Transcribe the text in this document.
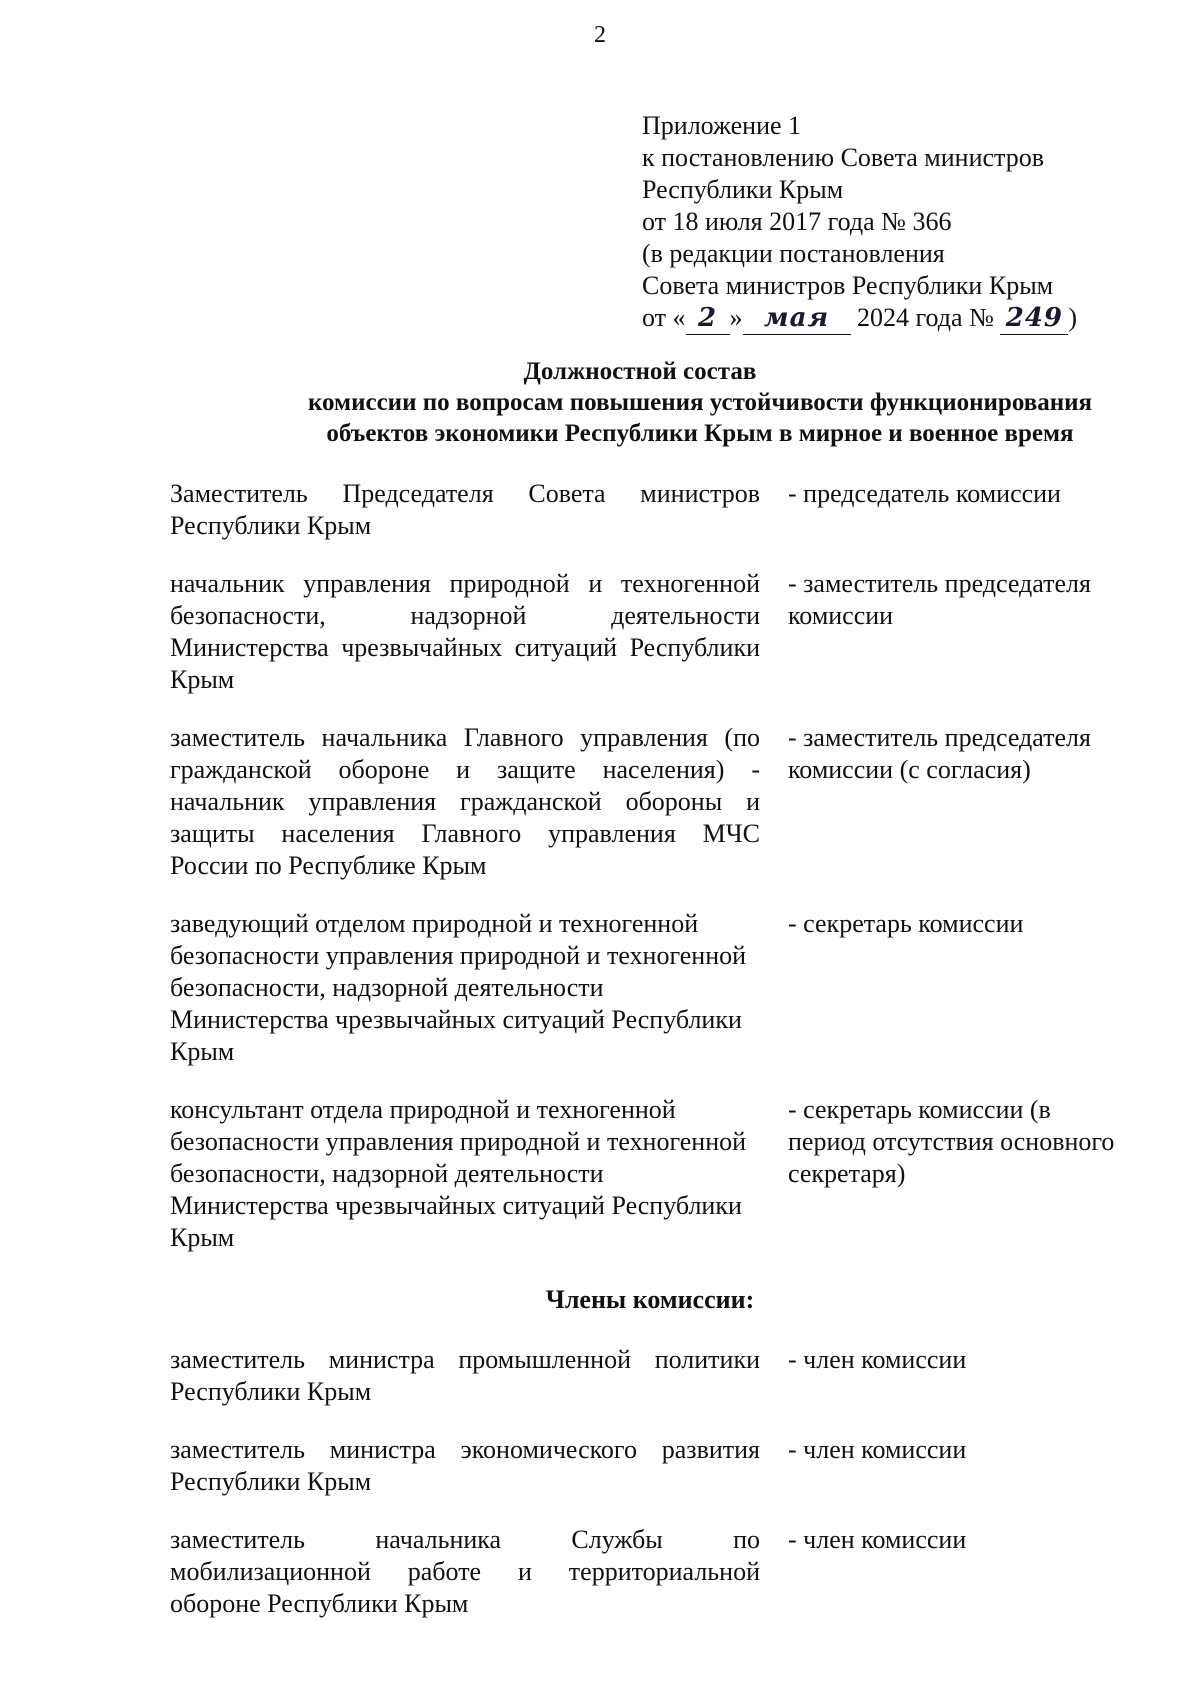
2
Приложение 1
к постановлению Совета министров
Республики Крым
от 18 июля 2017 года № 366
(в редакции постановления
Совета министров Республики Крым
от « 2 » мая 2024 года № 249 )
Должностной состав
комиссии по вопросам повышения устойчивости функционирования
объектов экономики Республики Крым в мирное и военное время
Заместитель Председателя Совета министров Республики Крым
- председатель комиссии
начальник управления природной и техногенной безопасности, надзорной деятельности Министерства чрезвычайных ситуаций Республики Крым
- заместитель председателя комиссии
заместитель начальника Главного управления (по гражданской обороне и защите населения) - начальник управления гражданской обороны и защиты населения Главного управления МЧС России по Республике Крым
- заместитель председателя комиссии (с согласия)
заведующий отделом природной и техногенной безопасности управления природной и техногенной безопасности, надзорной деятельности Министерства чрезвычайных ситуаций Республики Крым
- секретарь комиссии
консультант отдела природной и техногенной безопасности управления природной и техногенной безопасности, надзорной деятельности Министерства чрезвычайных ситуаций Республики Крым
- секретарь комиссии (в период отсутствия основного секретаря)
Члены комиссии:
заместитель министра промышленной политики Республики Крым
- член комиссии
заместитель министра экономического развития Республики Крым
- член комиссии
заместитель начальника Службы по мобилизационной работе и территориальной обороне Республики Крым
- член комиссии
